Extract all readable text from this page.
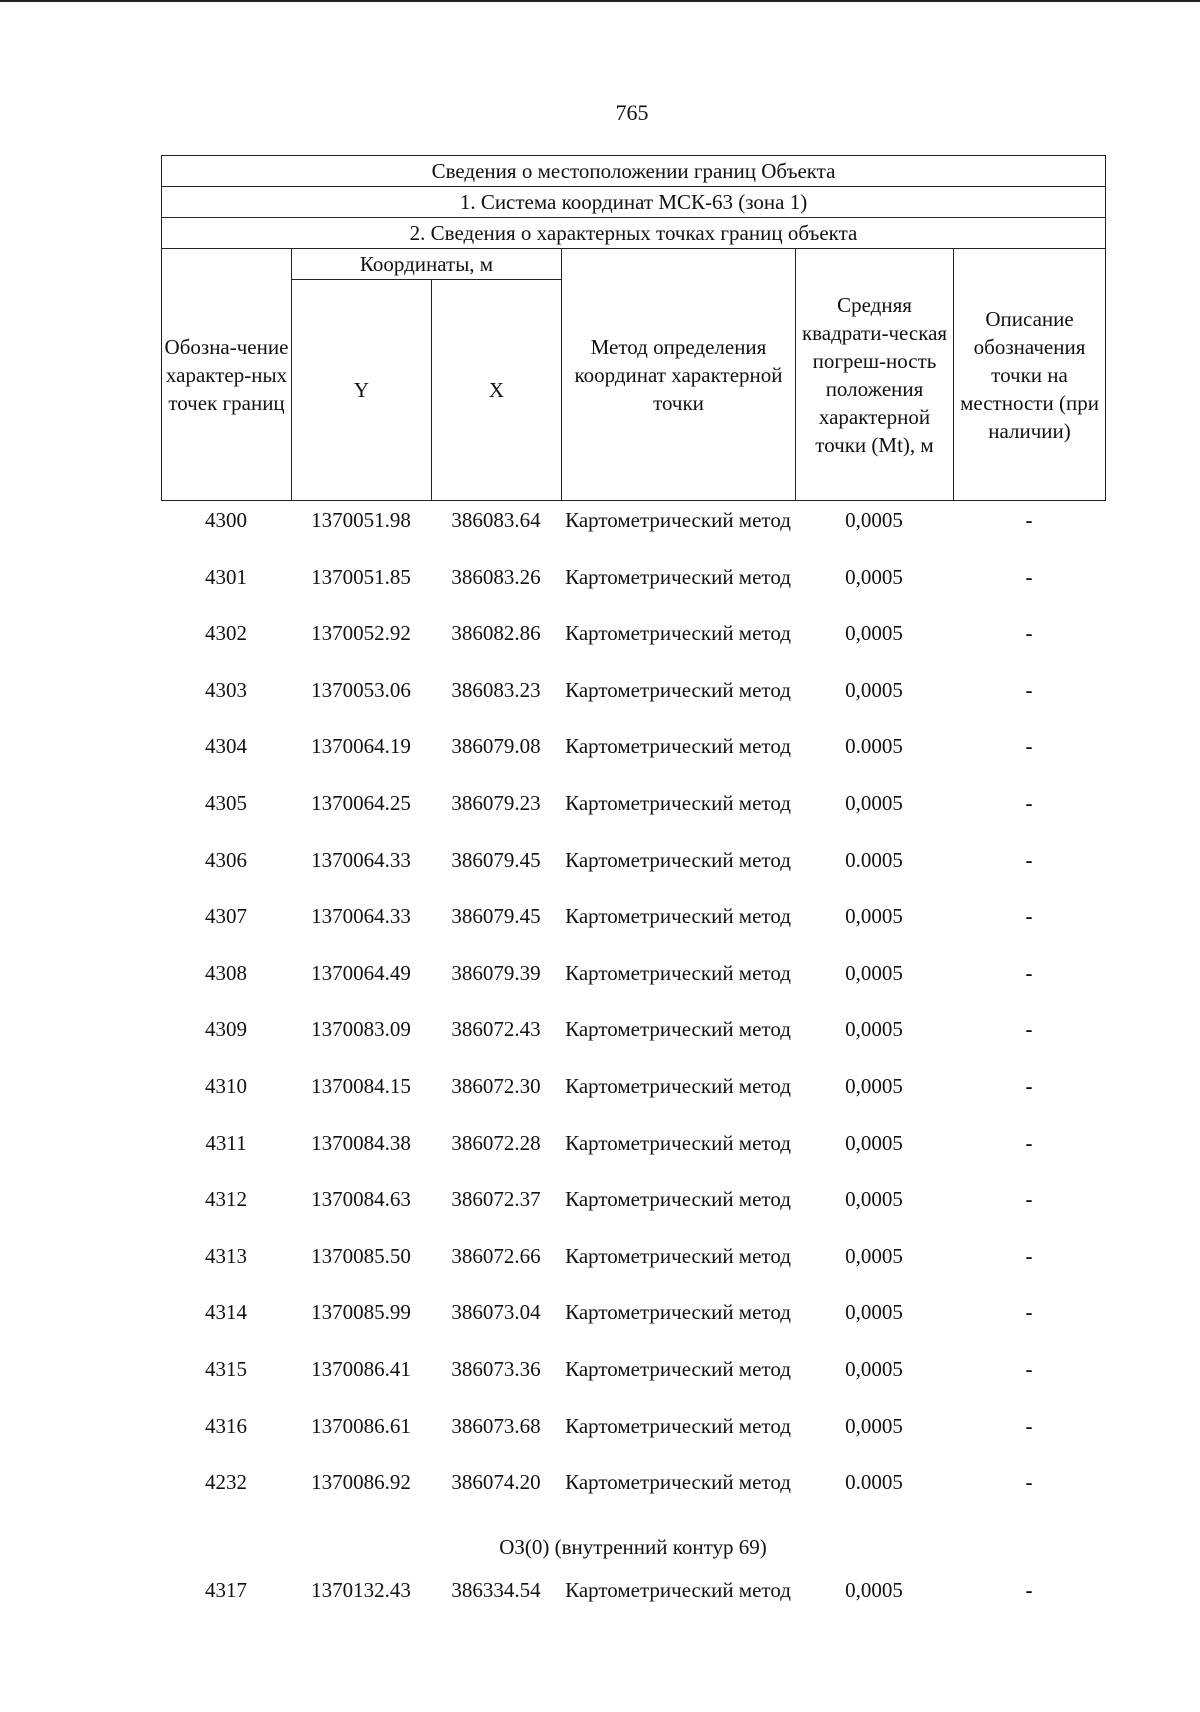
765
Сведения о местоположении границ Объекта					
1. Система координат МСК-63 (зона 1)					
2. Сведения о характерных точках границ объекта					
Обозна-чение характер-ных точек границ	Координаты, м		Метод определения координат характерной точки	Средняя квадрати-ческая погреш-ность положения характерной точки (Mt), м	Описание обозначения точки на местности (при наличии)
	Y	X			
4300	1370051.98	386083.64	Картометрический метод	0,0005	-
4301	1370051.85	386083.26	Картометрический метод	0,0005	-
4302	1370052.92	386082.86	Картометрический метод	0,0005	-
4303	1370053.06	386083.23	Картометрический метод	0,0005	-
4304	1370064.19	386079.08	Картометрический метод	0.0005	-
4305	1370064.25	386079.23	Картометрический метод	0,0005	-
4306	1370064.33	386079.45	Картометрический метод	0.0005	-
4307	1370064.33	386079.45	Картометрический метод	0,0005	-
4308	1370064.49	386079.39	Картометрический метод	0,0005	-
4309	1370083.09	386072.43	Картометрический метод	0,0005	-
4310	1370084.15	386072.30	Картометрический метод	0,0005	-
4311	1370084.38	386072.28	Картометрический метод	0,0005	-
4312	1370084.63	386072.37	Картометрический метод	0,0005	-
4313	1370085.50	386072.66	Картометрический метод	0,0005	-
4314	1370085.99	386073.04	Картометрический метод	0,0005	-
4315	1370086.41	386073.36	Картометрический метод	0,0005	-
4316	1370086.61	386073.68	Картометрический метод	0,0005	-
4232	1370086.92	386074.20	Картометрический метод	0.0005	-
ОЗ(0) (внутренний контур 69)
4317	1370132.43	386334.54	Картометрический метод	0,0005	-
